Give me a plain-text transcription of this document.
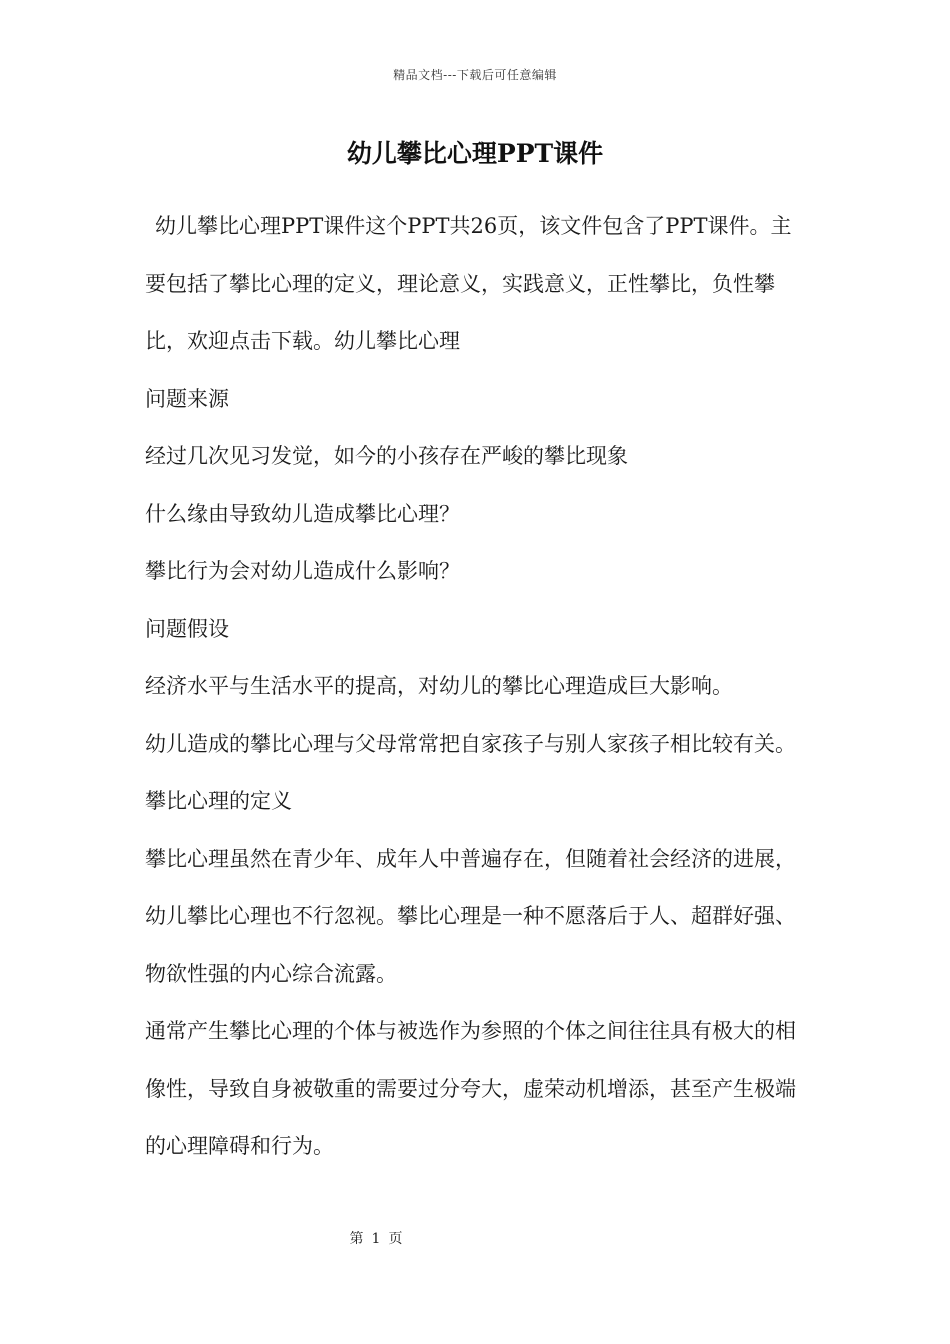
精品文档---下载后可任意编辑
幼儿攀比心理PPT课件

幼儿攀比心理PPT课件这个PPT共26页，该文件包含了PPT课件。主要包括了攀比心理的定义，理论意义，实践意义，正性攀比，负性攀比，欢迎点击下载。幼儿攀比心理

问题来源

经过几次见习发觉，如今的小孩存在严峻的攀比现象

什么缘由导致幼儿造成攀比心理？

攀比行为会对幼儿造成什么影响？

问题假设

经济水平与生活水平的提高，对幼儿的攀比心理造成巨大影响。

幼儿造成的攀比心理与父母常常把自家孩子与别人家孩子相比较有关。

攀比心理的定义

攀比心理虽然在青少年、成年人中普遍存在，但随着社会经济的进展，幼儿攀比心理也不行忽视。攀比心理是一种不愿落后于人、超群好强、物欲性强的内心综合流露。

通常产生攀比心理的个体与被选作为参照的个体之间往往具有极大的相像性，导致自身被敬重的需要过分夸大，虚荣动机增添，甚至产生极端的心理障碍和行为。

第 1 页
